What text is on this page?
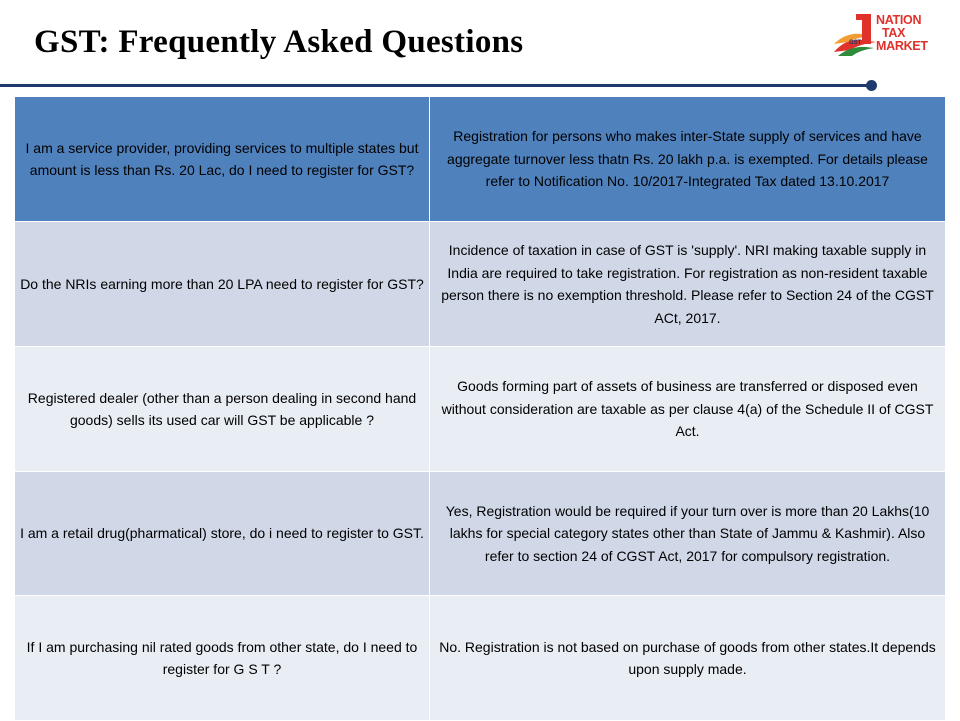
GST: Frequently Asked Questions	GST
NATION
TAX
MARKET
I am a service provider, providing services to multiple states but amount is less than Rs. 20 Lac, do I need to register for GST?	Registration for persons who makes inter-State supply of services and have aggregate turnover less thatn Rs. 20 lakh p.a. is exempted. For details please refer to Notification No. 10/2017-Integrated Tax dated 13.10.2017
Do the NRIs earning more than 20 LPA need to register for GST?	Incidence of taxation in case of GST is 'supply'. NRI making taxable supply in India are required to take registration. For registration as non-resident taxable person there is no exemption threshold. Please refer to Section 24 of the CGST ACt, 2017.
Registered dealer (other than a person dealing in second hand goods) sells its used car will GST be applicable ?	Goods forming part of assets of business are transferred or disposed even without consideration are taxable as per clause 4(a) of the Schedule II of CGST Act.
I am a retail drug(pharmatical) store, do i need to register to GST.	Yes, Registration would be required if your turn over is more than 20 Lakhs(10 lakhs for special category states other than State of Jammu & Kashmir). Also refer to section 24 of CGST Act, 2017 for compulsory registration.
If I am purchasing nil rated goods from other state, do I need to register for G S T ?	No. Registration is not based on purchase of goods from other states.It depends upon supply made.
